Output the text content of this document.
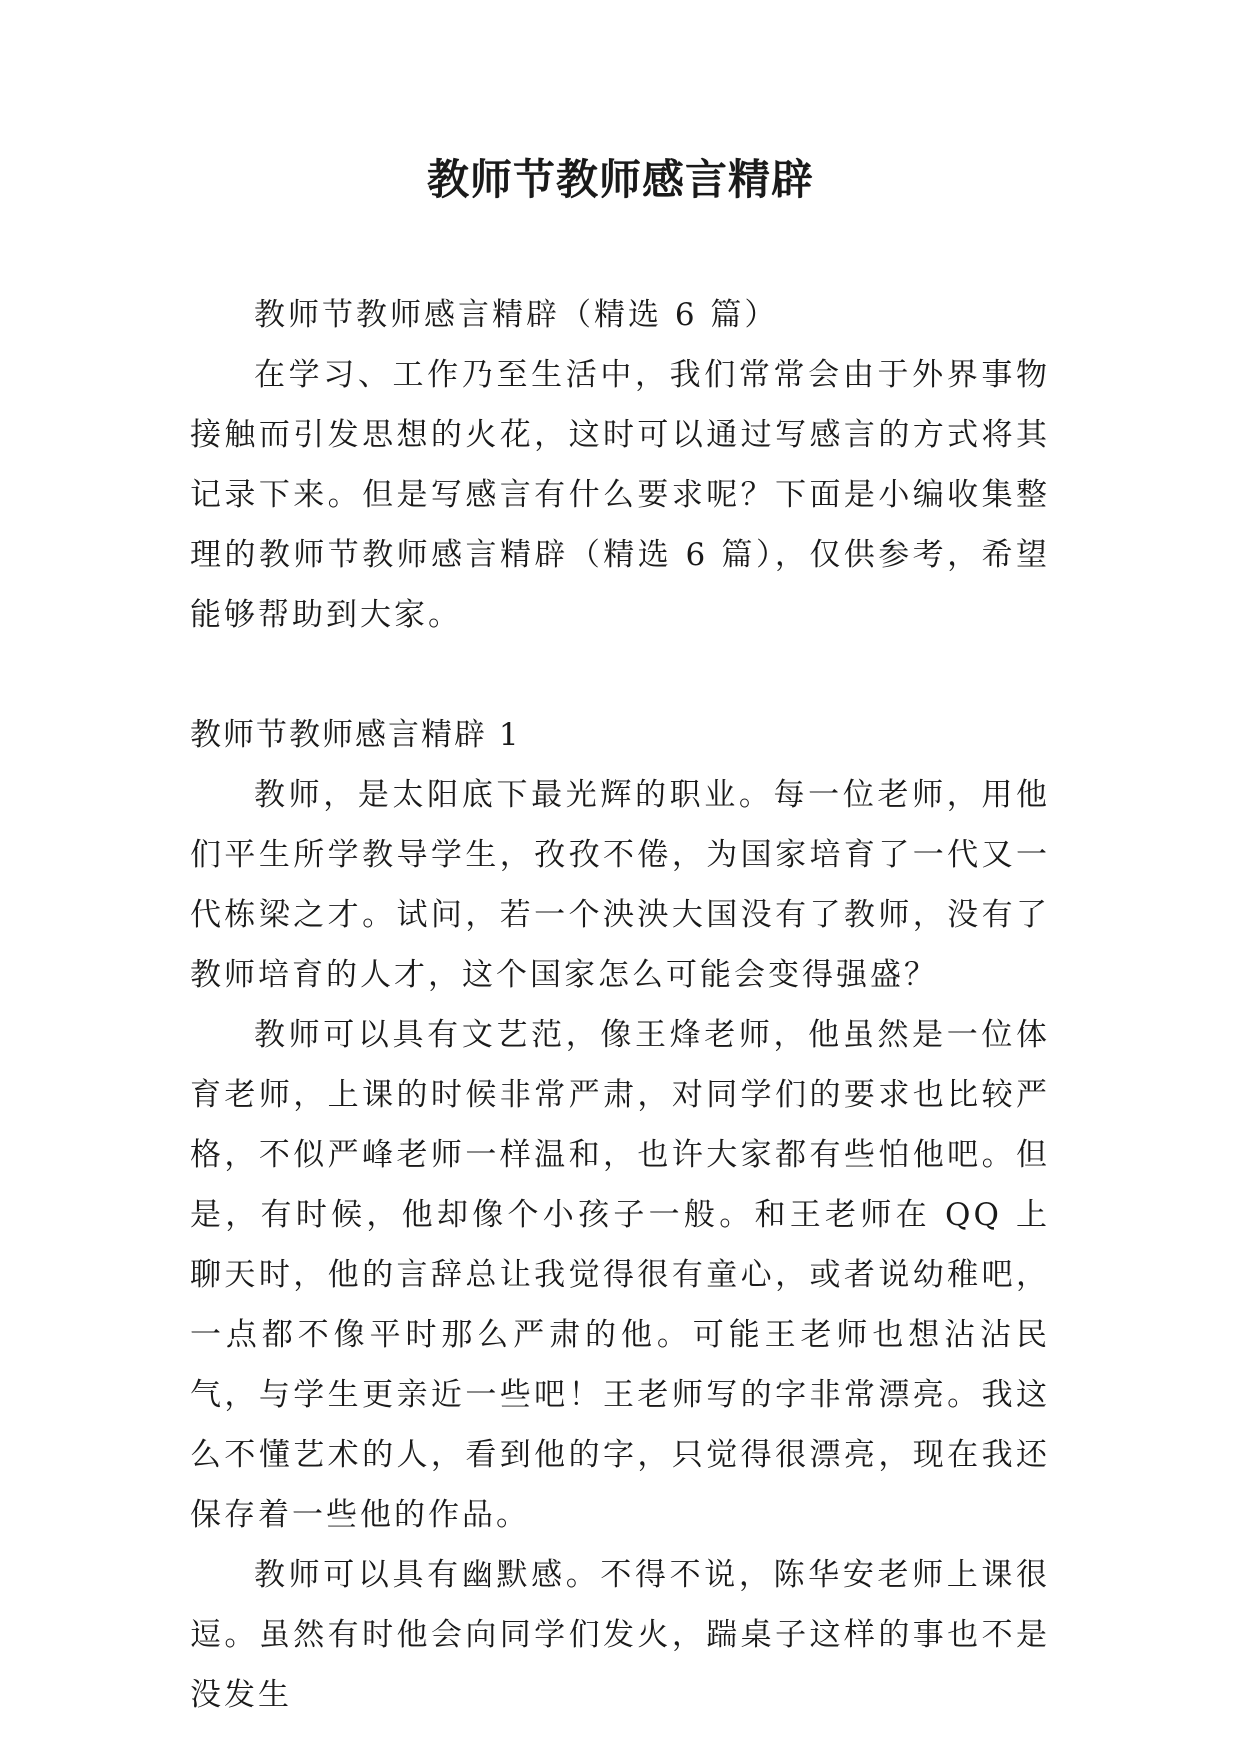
教师节教师感言精辟

教师节教师感言精辟（精选 6 篇）

在学习、工作乃至生活中，我们常常会由于外界事物接触而引发思想的火花，这时可以通过写感言的方式将其记录下来。但是写感言有什么要求呢？下面是小编收集整理的教师节教师感言精辟（精选 6 篇），仅供参考，希望能够帮助到大家。

教师节教师感言精辟 1

教师，是太阳底下最光辉的职业。每一位老师，用他们平生所学教导学生，孜孜不倦，为国家培育了一代又一代栋梁之才。试问，若一个泱泱大国没有了教师，没有了教师培育的人才，这个国家怎么可能会变得强盛？

教师可以具有文艺范，像王烽老师，他虽然是一位体育老师，上课的时候非常严肃，对同学们的要求也比较严格，不似严峰老师一样温和，也许大家都有些怕他吧。但是，有时候，他却像个小孩子一般。和王老师在 QQ 上聊天时，他的言辞总让我觉得很有童心，或者说幼稚吧，一点都不像平时那么严肃的他。可能王老师也想沾沾民气，与学生更亲近一些吧！王老师写的字非常漂亮。我这么不懂艺术的人，看到他的字，只觉得很漂亮，现在我还保存着一些他的作品。

教师可以具有幽默感。不得不说，陈华安老师上课很逗。虽然有时他会向同学们发火，踹桌子这样的事也不是没发生
